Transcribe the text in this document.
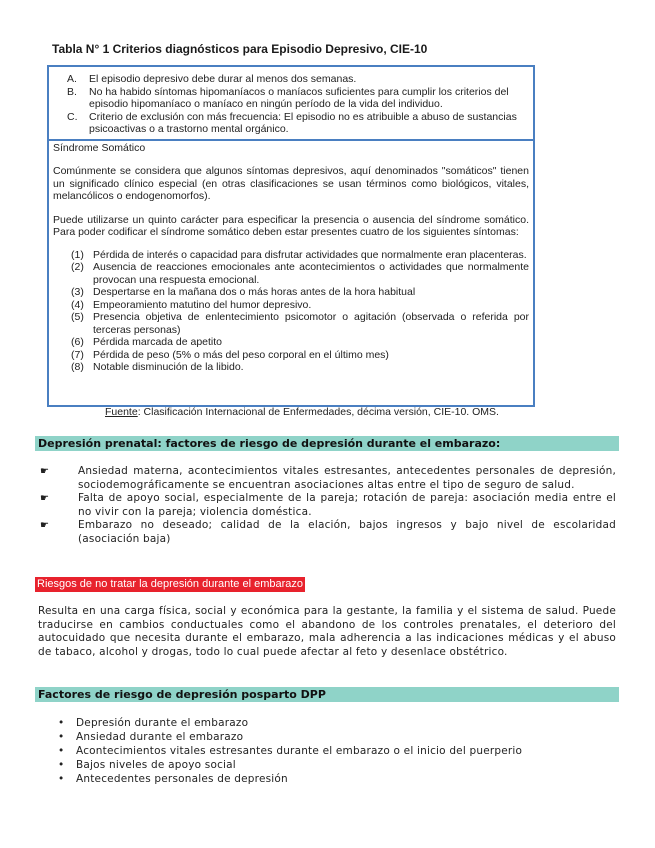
Tabla N° 1 Criterios diagnósticos para Episodio Depresivo, CIE-10
A.	El episodio depresivo debe durar al menos dos semanas.
B.	No ha habido síntomas hipomaníacos o maníacos suficientes para cumplir los criterios del episodio hipomaníaco o maníaco en ningún período de la vida del individuo.
C.	Criterio de exclusión con más frecuencia: El episodio no es atribuible a abuso de sustancias psicoactivas o a trastorno mental orgánico.

Síndrome Somático

Comúnmente se considera que algunos síntomas depresivos, aquí denominados "somáticos" tienen un significado clínico especial (en otras clasificaciones se usan términos como biológicos, vitales, melancólicos o endogenomorfos).

Puede utilizarse un quinto carácter para especificar la presencia o ausencia del síndrome somático. Para poder codificar el síndrome somático deben estar presentes cuatro de los siguientes síntomas:

(1) Pérdida de interés o capacidad para disfrutar actividades que normalmente eran placenteras.
(2) Ausencia de reacciones emocionales ante acontecimientos o actividades que normalmente provocan una respuesta emocional.
(3) Despertarse en la mañana dos o más horas antes de la hora habitual
(4) Empeoramiento matutino del humor depresivo.
(5) Presencia objetiva de enlentecimiento psicomotor o agitación (observada o referida por terceras personas)
(6) Pérdida marcada de apetito
(7) Pérdida de peso (5% o más del peso corporal en el último mes)
(8) Notable disminución de la libido.
Fuente: Clasificación Internacional de Enfermedades, décima versión, CIE-10. OMS.
Depresión prenatal: factores de riesgo de depresión durante el embarazo:
☛	Ansiedad materna, acontecimientos vitales estresantes, antecedentes personales de depresión, sociodemográficamente se encuentran asociaciones altas entre el tipo de seguro de salud.
☛	Falta de apoyo social, especialmente de la pareja; rotación de pareja: asociación media entre el no vivir con la pareja; violencia doméstica.
☛	Embarazo no deseado; calidad de la elación, bajos ingresos y bajo nivel de escolaridad (asociación baja)
Riesgos de no tratar la depresión durante el embarazo
Resulta en una carga física, social y económica para la gestante, la familia y el sistema de salud. Puede traducirse en cambios conductuales como el abandono de los controles prenatales, el deterioro del autocuidado que necesita durante el embarazo, mala adherencia a las indicaciones médicas y el abuso de tabaco, alcohol y drogas, todo lo cual puede afectar al feto y desenlace obstétrico.
Factores de riesgo de depresión posparto DPP
•	Depresión durante el embarazo
•	Ansiedad durante el embarazo
•	Acontecimientos vitales estresantes durante el embarazo o el inicio del puerperio
•	Bajos niveles de apoyo social
•	Antecedentes personales de depresión
